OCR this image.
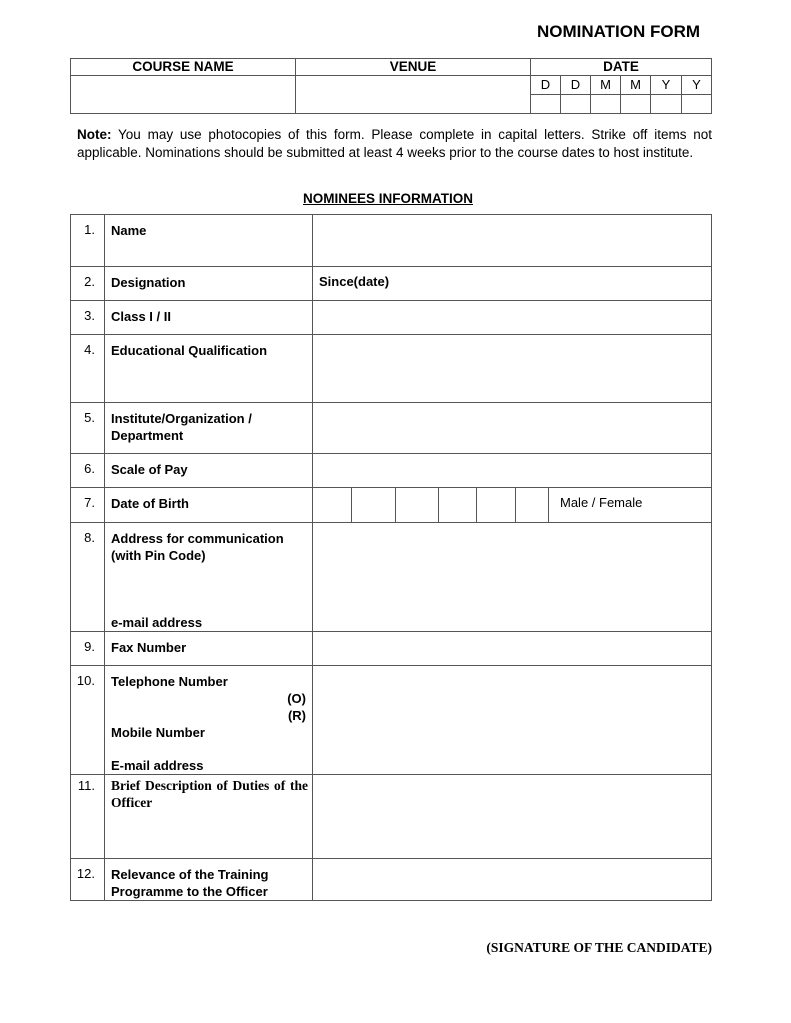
NOMINATION FORM
COURSE NAME	VENUE	DATE					
		D	D	M	M	Y	Y

Note: You may use photocopies of this form. Please complete in capital letters. Strike off items not applicable. Nominations should be submitted at least 4 weeks prior to the course dates to host institute.
NOMINEES INFORMATION
1.	Name	
2.	Designation	Since(date)
3.	Class I / II	
4.	Educational Qualification	
5.	Institute/Organization / Department	
6.	Scale of Pay	
7.	Date of Birth	Male / Female

8.	Address for communication (with Pin Code)
e-mail address	

9.	Fax Number	
10.	Telephone Number
(O)
(R)
Mobile Number
E-mail address	

11.	Brief Description of Duties of the Officer	
12.	Relevance of the Training Programme to the Officer	
(SIGNATURE OF THE CANDIDATE)
